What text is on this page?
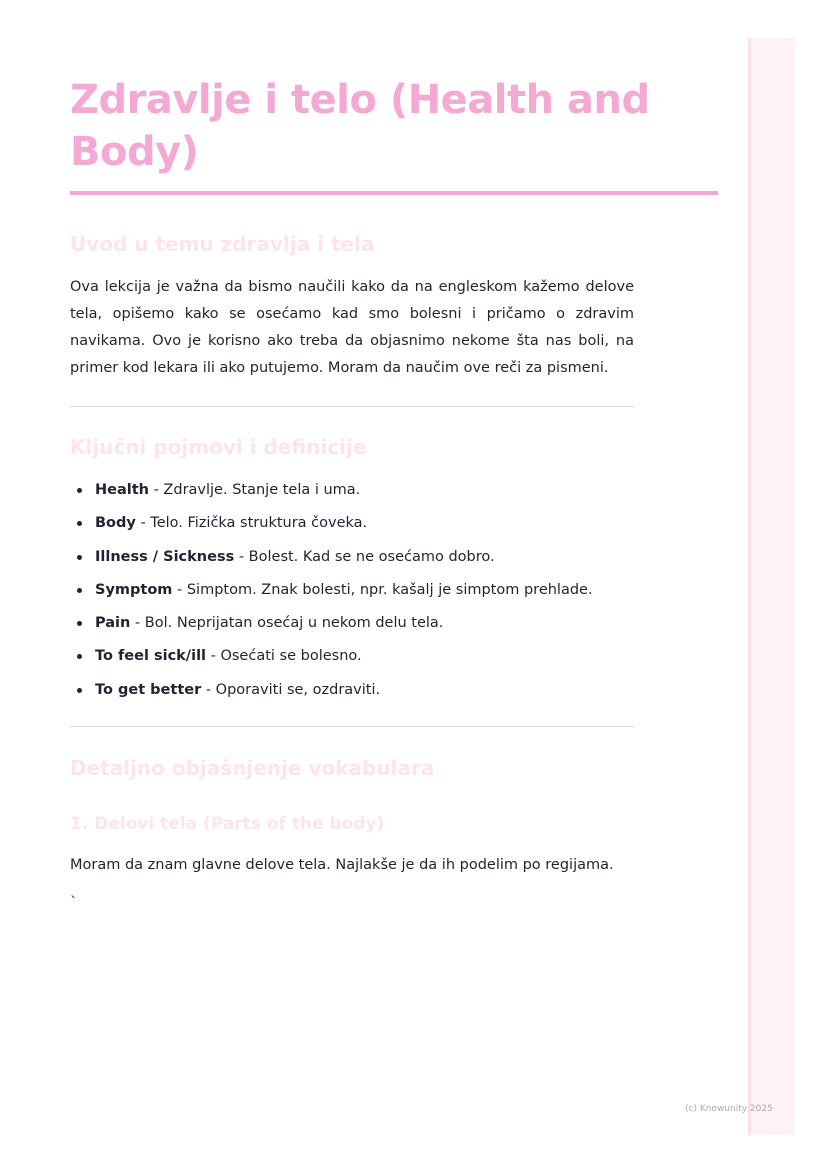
Zdravlje i telo (Health and Body)
Uvod u temu zdravlja i tela

Ova lekcija je važna da bismo naučili kako da na engleskom kažemo delove tela, opišemo kako se osećamo kad smo bolesni i pričamo o zdravim navikama. Ovo je korisno ako treba da objasnimo nekome šta nas boli, na primer kod lekara ili ako putujemo. Moram da naučim ove reči za pismeni.

Ključni pojmovi i definicije
Health - Zdravlje. Stanje tela i uma.
Body - Telo. Fizička struktura čoveka.
Illness / Sickness - Bolest. Kad se ne osećamo dobro.
Symptom - Simptom. Znak bolesti, npr. kašalj je simptom prehlade.
Pain - Bol. Neprijatan osećaj u nekom delu tela.
To feel sick/ill - Osećati se bolesno.
To get better - Oporaviti se, ozdraviti.
Detaljno objašnjenje vokabulara
1. Delovi tela (Parts of the body)

Moram da znam glavne delove tela. Najlakše je da ih podelim po regijama.

`

(c) Knowunity 2025
